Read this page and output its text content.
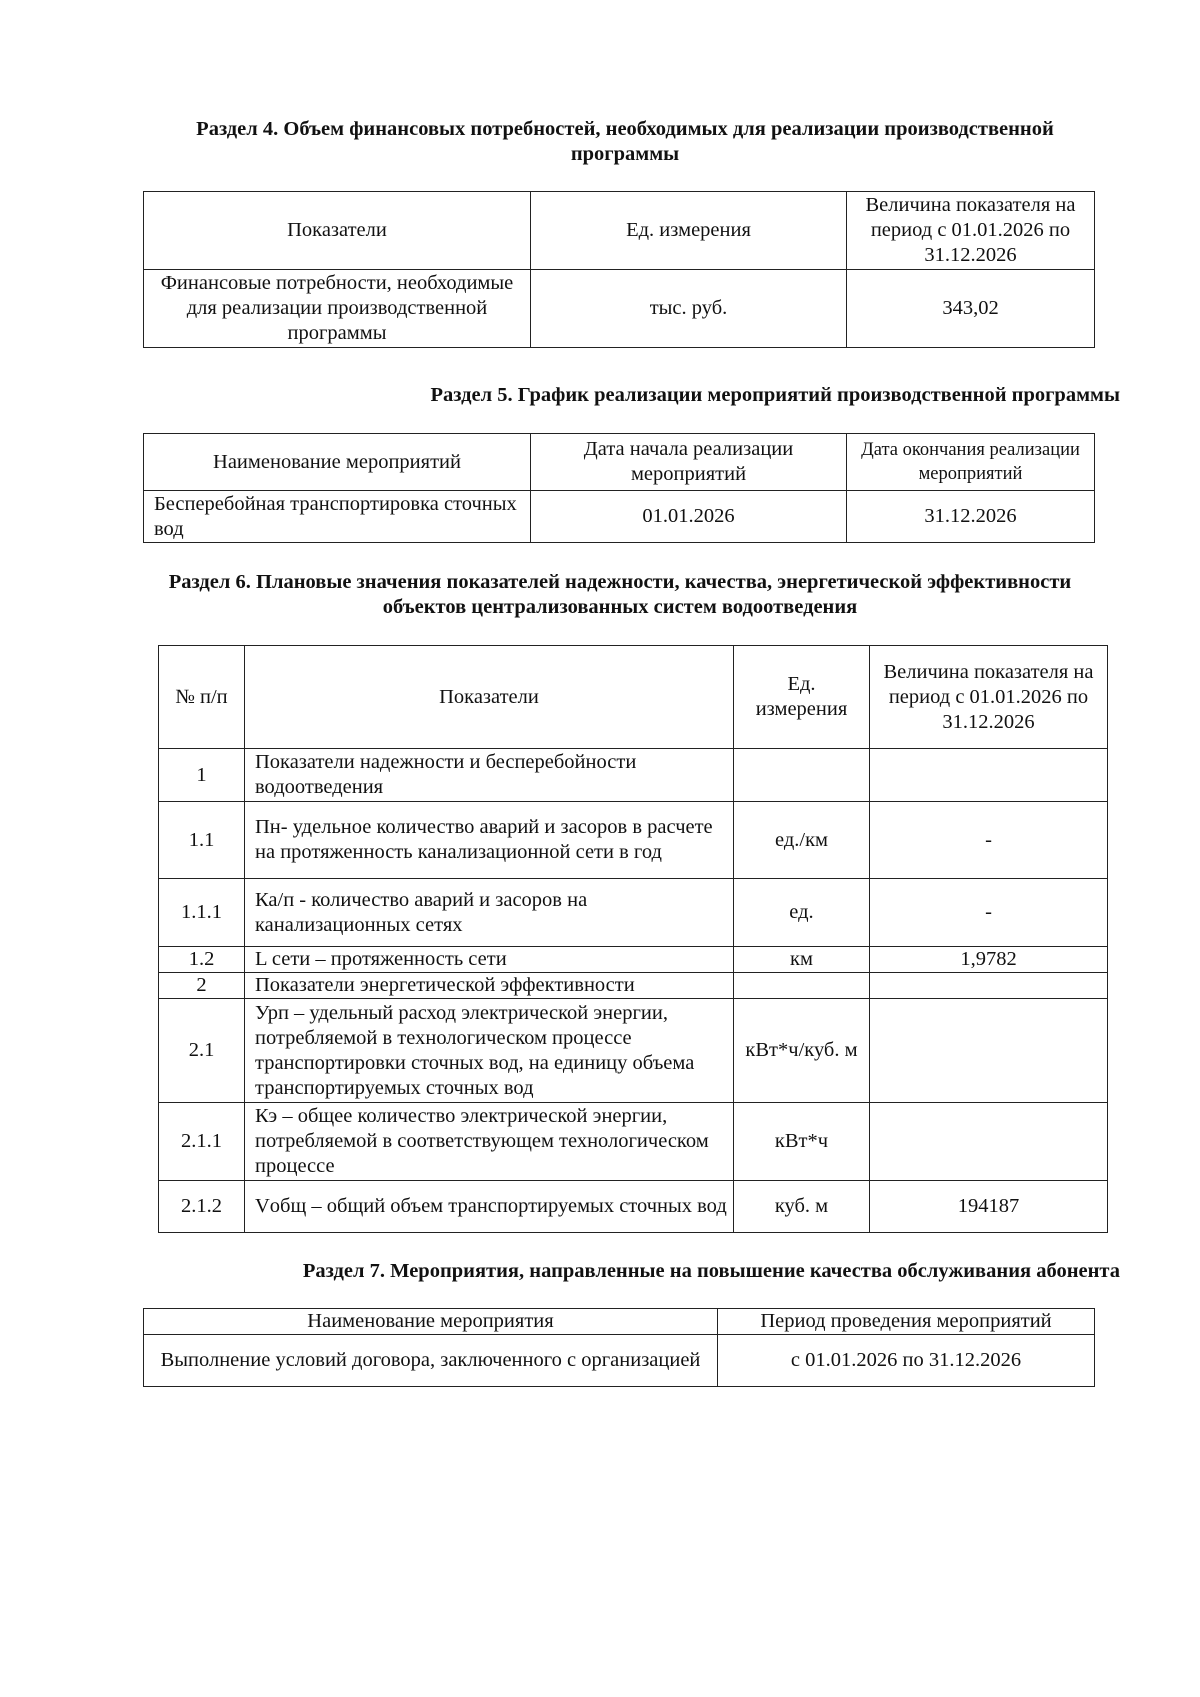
Раздел 4. Объем финансовых потребностей, необходимых для реализации производственной программы

Показатели	Ед. измерения	Величина показателя на период с 01.01.2026 по 31.12.2026
Финансовые потребности, необходимые для реализации производственной программы	тыс. руб.	343,02

Раздел 5. График реализации мероприятий производственной программы

Наименование мероприятий	Дата начала реализации мероприятий	Дата окончания реализации мероприятий
Бесперебойная транспортировка сточных вод	01.01.2026	31.12.2026

Раздел 6. Плановые значения показателей надежности, качества, энергетической эффективности объектов централизованных систем водоотведения

№ п/п	Показатели	Ед. измерения	Величина показателя на период с 01.01.2026 по 31.12.2026
1	Показатели надежности и бесперебойности водоотведения		
1.1	Пн- удельное количество аварий и засоров в расчете на протяженность канализационной сети в год	ед./км	-
1.1.1	Ка/п - количество аварий и засоров на канализационных сетях	ед.	-
1.2	L сети – протяженность сети	км	1,9782
2	Показатели энергетической эффективности		
2.1	Урп – удельный расход электрической энергии, потребляемой в технологическом процессе транспортировки сточных вод, на единицу объема транспортируемых сточных вод	кВт*ч/куб. м	
2.1.1	Кэ – общее количество электрической энергии, потребляемой в соответствующем технологическом процессе	кВт*ч	
2.1.2	Vобщ – общий объем транспортируемых сточных вод	куб. м	194187

Раздел 7. Мероприятия, направленные на повышение качества обслуживания абонента

Наименование мероприятия	Период проведения мероприятий
Выполнение условий договора, заключенного с организацией	с 01.01.2026 по 31.12.2026
